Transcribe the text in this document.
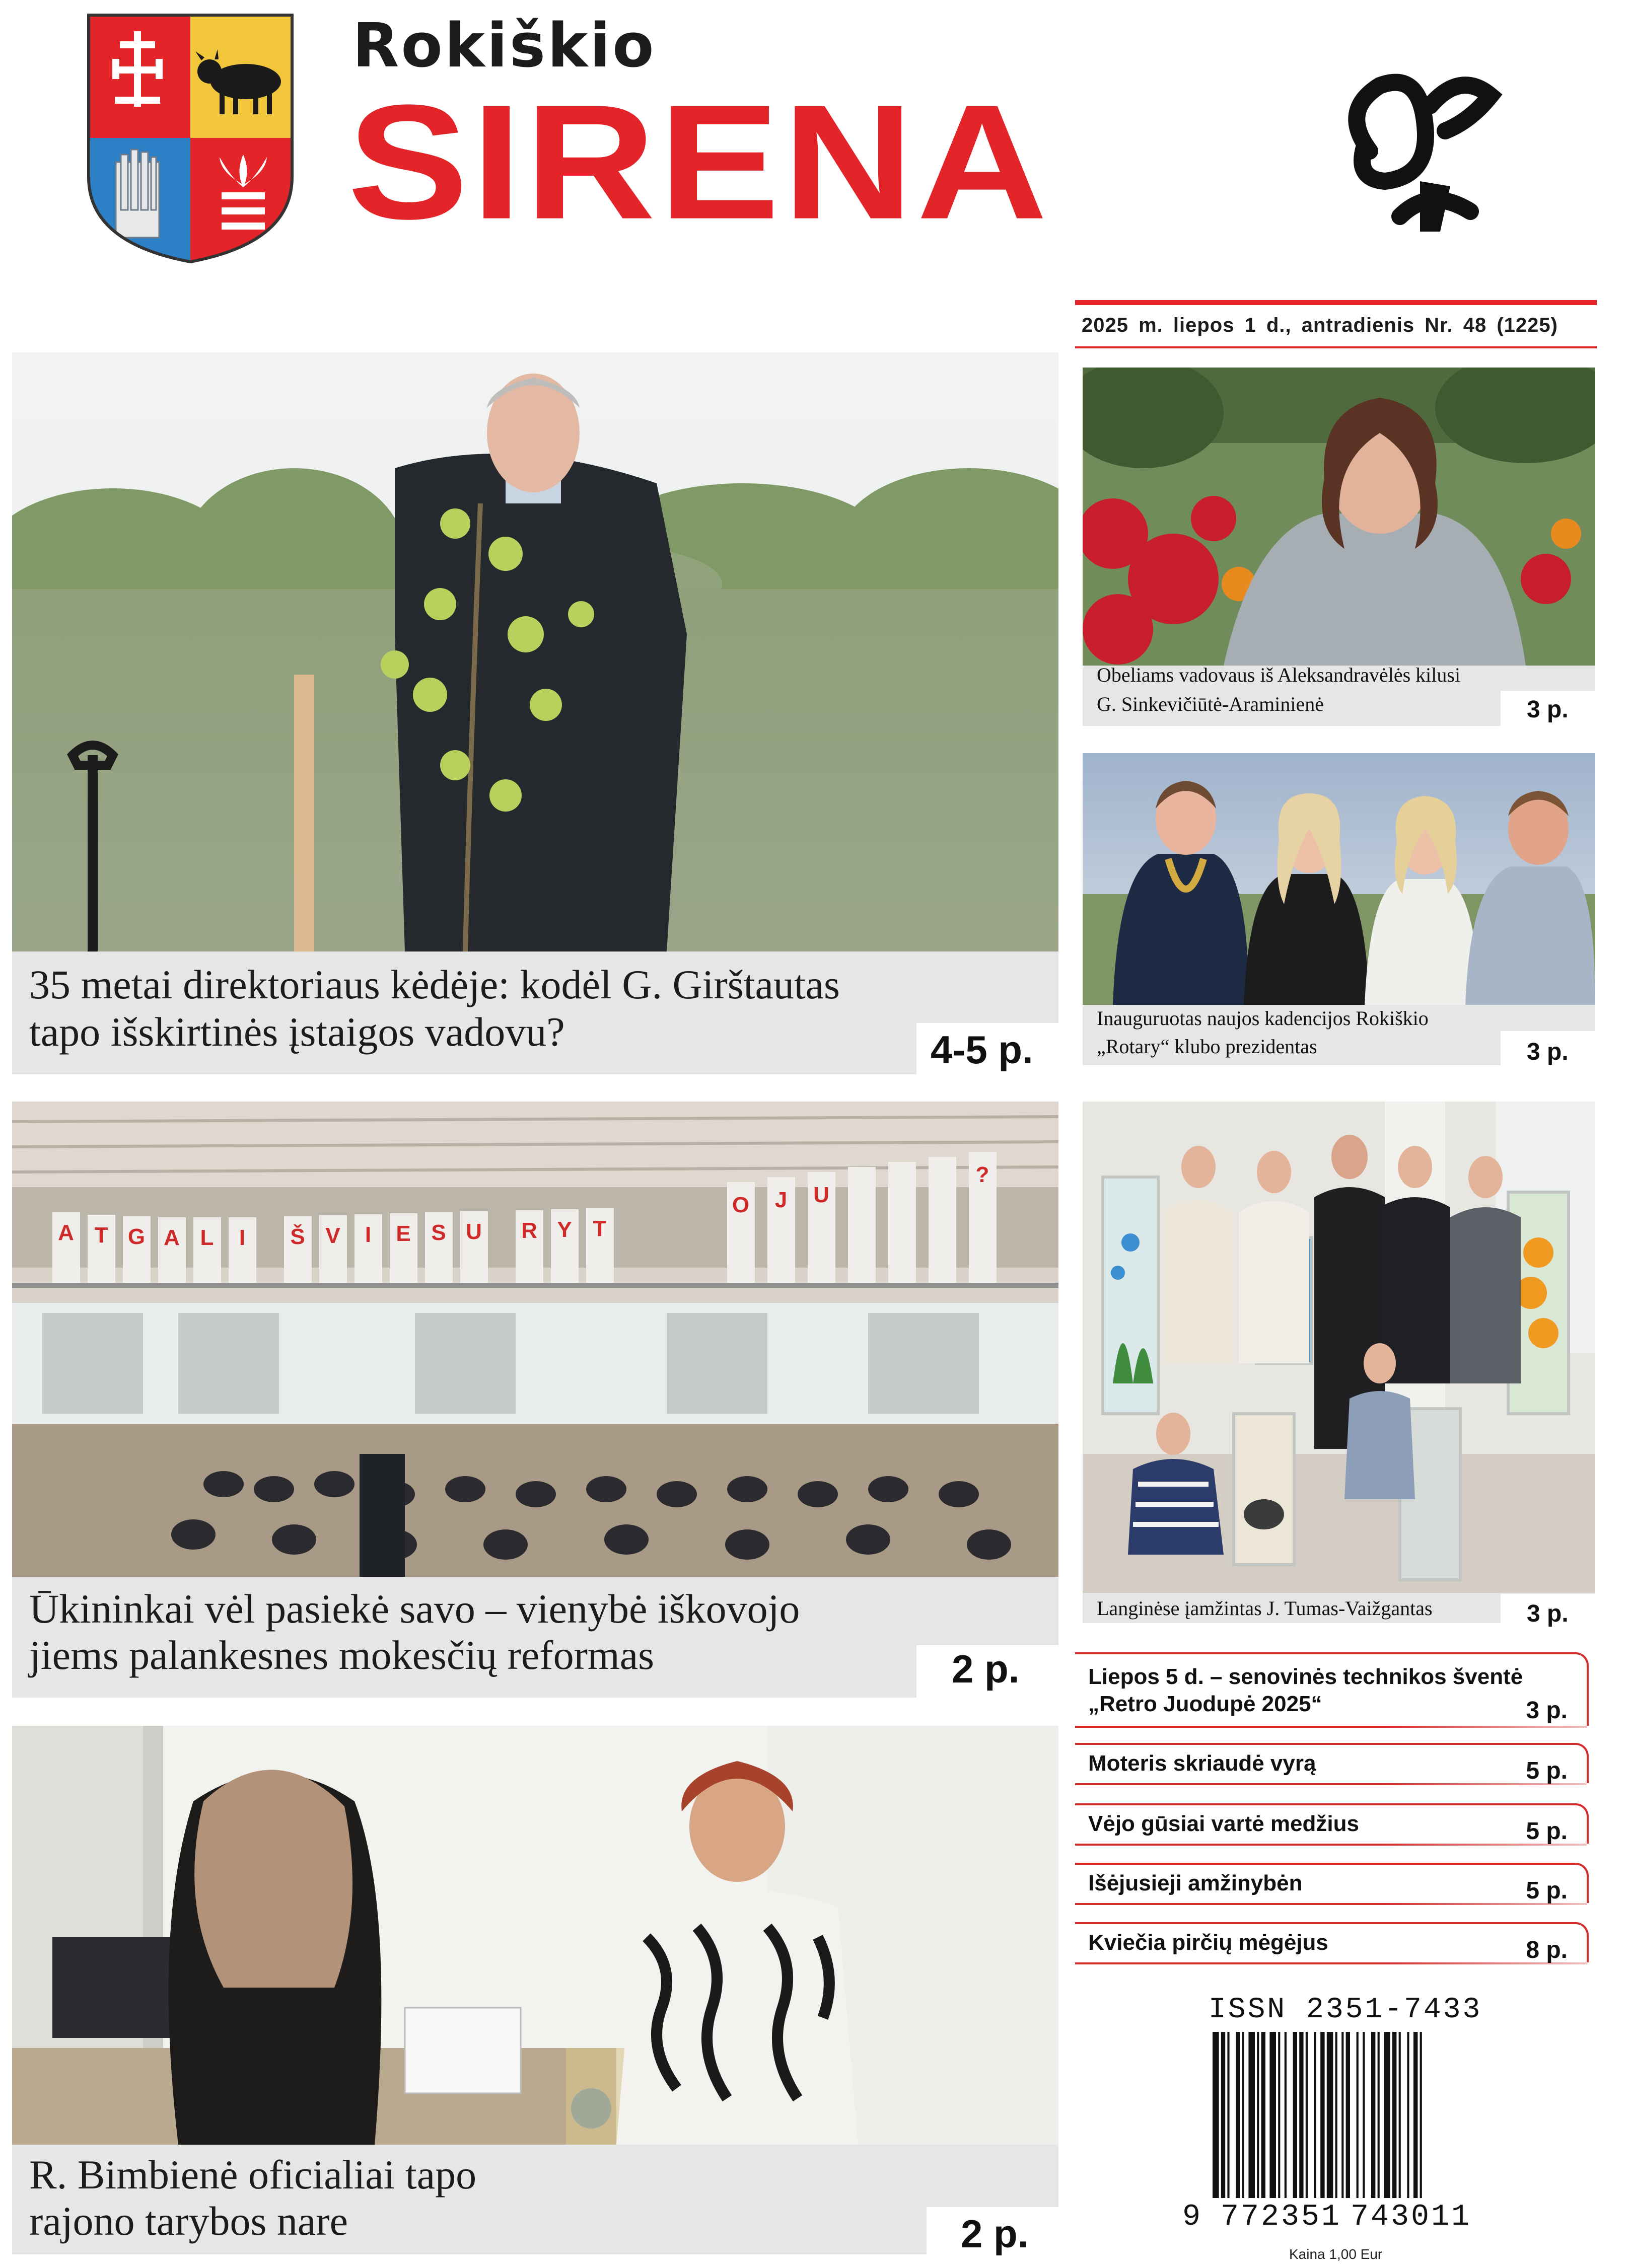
Rokiškio
SIRENA
2025 m. liepos 1 d., antradienis Nr. 48 (1225)
35 metai direktoriaus kėdėje: kodėl G. Girštautas
tapo išskirtinės įstaigos vadovu?	4-5 p.
A T G A L I Š V I E S U R Y T
O J U
?
Ūkininkai vėl pasiekė savo – vienybė iškovojo
jiems palankesnes mokesčių reformas	2 p.
R. Bimbienė oficialiai tapo
rajono tarybos nare	2 p.
Obeliams vadovaus iš Aleksandravėlės kilusi
G. Sinkevičiūtė-Araminienė	3 p.
Inauguruotas naujos kadencijos Rokiškio
„Rotary“ klubo prezidentas	3 p.
Langinėse įamžintas J. Tumas-Vaižgantas	3 p.
Liepos 5 d. – senovinės technikos šventė
„Retro Juodupė 2025“	3 p.
Moteris skriaudė vyrą	5 p.
Vėjo gūsiai vartė medžius	5 p.
Išėjusieji amžinybėn	5 p.
Kviečia pirčių mėgėjus	8 p.
ISSN 2351-7433
9 772351 743011
Kaina 1,00 Eur
